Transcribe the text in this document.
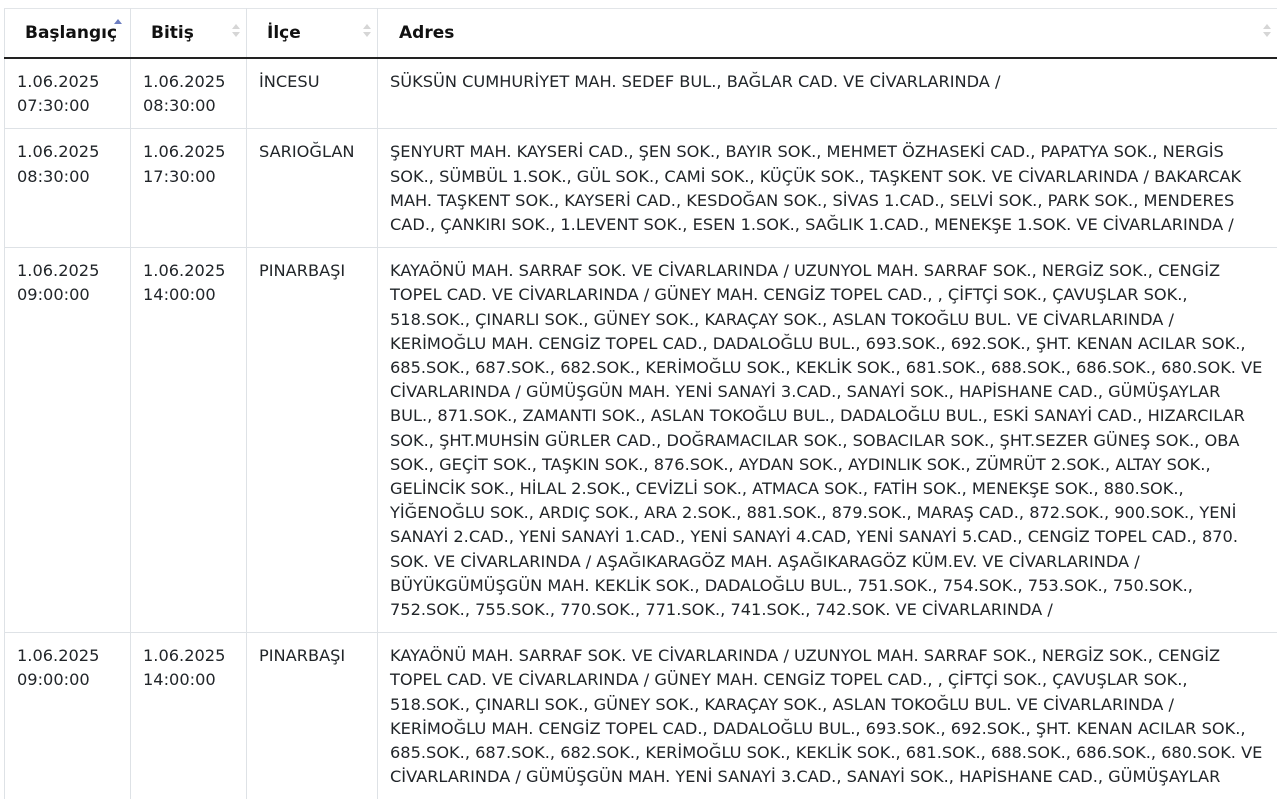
Başlangıç	Bitiş	İlçe	Adres

1.06.2025
07:30:00	1.06.2025
08:30:00	İNCESU	SÜKSÜN CUMHURİYET MAH. SEDEF BUL., BAĞLAR CAD. VE CİVARLARINDA /

1.06.2025
08:30:00	1.06.2025
17:30:00	SARIOĞLAN	ŞENYURT MAH. KAYSERİ CAD., ŞEN SOK., BAYIR SOK., MEHMET ÖZHASEKİ CAD., PAPATYA SOK., NERGİS SOK., SÜMBÜL 1.SOK., GÜL SOK., CAMİ SOK., KÜÇÜK SOK., TAŞKENT SOK. VE CİVARLARINDA / BAKARCAK MAH. TAŞKENT SOK., KAYSERİ CAD., KESDOĞAN SOK., SİVAS 1.CAD., SELVİ SOK., PARK SOK., MENDERES CAD., ÇANKIRI SOK., 1.LEVENT SOK., ESEN 1.SOK., SAĞLIK 1.CAD., MENEKŞE 1.SOK. VE CİVARLARINDA /

1.06.2025
09:00:00	1.06.2025
14:00:00	PINARBAŞI	KAYAÖNÜ MAH. SARRAF SOK. VE CİVARLARINDA / UZUNYOL MAH. SARRAF SOK., NERGİZ SOK., CENGİZ TOPEL CAD. VE CİVARLARINDA / GÜNEY MAH. CENGİZ TOPEL CAD., , ÇİFTÇİ SOK., ÇAVUŞLAR SOK., 518.SOK., ÇINARLI SOK., GÜNEY SOK., KARAÇAY SOK., ASLAN TOKOĞLU BUL. VE CİVARLARINDA / KERİMOĞLU MAH. CENGİZ TOPEL CAD., DADALOĞLU BUL., 693.SOK., 692.SOK., ŞHT. KENAN ACILAR SOK., 685.SOK., 687.SOK., 682.SOK., KERİMOĞLU SOK., KEKLİK SOK., 681.SOK., 688.SOK., 686.SOK., 680.SOK. VE CİVARLARINDA / GÜMÜŞGÜN MAH. YENİ SANAYİ 3.CAD., SANAYİ SOK., HAPİSHANE CAD., GÜMÜŞAYLAR BUL., 871.SOK., ZAMANTI SOK., ASLAN TOKOĞLU BUL., DADALOĞLU BUL., ESKİ SANAYİ CAD., HIZARCILAR SOK., ŞHT.MUHSİN GÜRLER CAD., DOĞRAMACILAR SOK., SOBACILAR SOK., ŞHT.SEZER GÜNEŞ SOK., OBA SOK., GEÇİT SOK., TAŞKIN SOK., 876.SOK., AYDAN SOK., AYDINLIK SOK., ZÜMRÜT 2.SOK., ALTAY SOK., GELİNCİK SOK., HİLAL 2.SOK., CEVİZLİ SOK., ATMACA SOK., FATİH SOK., MENEKŞE SOK., 880.SOK., YİĞENOĞLU SOK., ARDIÇ SOK., ARA 2.SOK., 881.SOK., 879.SOK., MARAŞ CAD., 872.SOK., 900.SOK., YENİ SANAYİ 2.CAD., YENİ SANAYİ 1.CAD., YENİ SANAYİ 4.CAD, YENİ SANAYİ 5.CAD., CENGİZ TOPEL CAD., 870. SOK. VE CİVARLARINDA / AŞAĞIKARAGÖZ MAH. AŞAĞIKARAGÖZ KÜM.EV. VE CİVARLARINDA / BÜYÜKGÜMÜŞGÜN MAH. KEKLİK SOK., DADALOĞLU BUL., 751.SOK., 754.SOK., 753.SOK., 750.SOK., 752.SOK., 755.SOK., 770.SOK., 771.SOK., 741.SOK., 742.SOK. VE CİVARLARINDA /

1.06.2025
09:00:00	1.06.2025
14:00:00	PINARBAŞI	KAYAÖNÜ MAH. SARRAF SOK. VE CİVARLARINDA / UZUNYOL MAH. SARRAF SOK., NERGİZ SOK., CENGİZ TOPEL CAD. VE CİVARLARINDA / GÜNEY MAH. CENGİZ TOPEL CAD., , ÇİFTÇİ SOK., ÇAVUŞLAR SOK., 518.SOK., ÇINARLI SOK., GÜNEY SOK., KARAÇAY SOK., ASLAN TOKOĞLU BUL. VE CİVARLARINDA / KERİMOĞLU MAH. CENGİZ TOPEL CAD., DADALOĞLU BUL., 693.SOK., 692.SOK., ŞHT. KENAN ACILAR SOK., 685.SOK., 687.SOK., 682.SOK., KERİMOĞLU SOK., KEKLİK SOK., 681.SOK., 688.SOK., 686.SOK., 680.SOK. VE CİVARLARINDA / GÜMÜŞGÜN MAH. YENİ SANAYİ 3.CAD., SANAYİ SOK., HAPİSHANE CAD., GÜMÜŞAYLAR
